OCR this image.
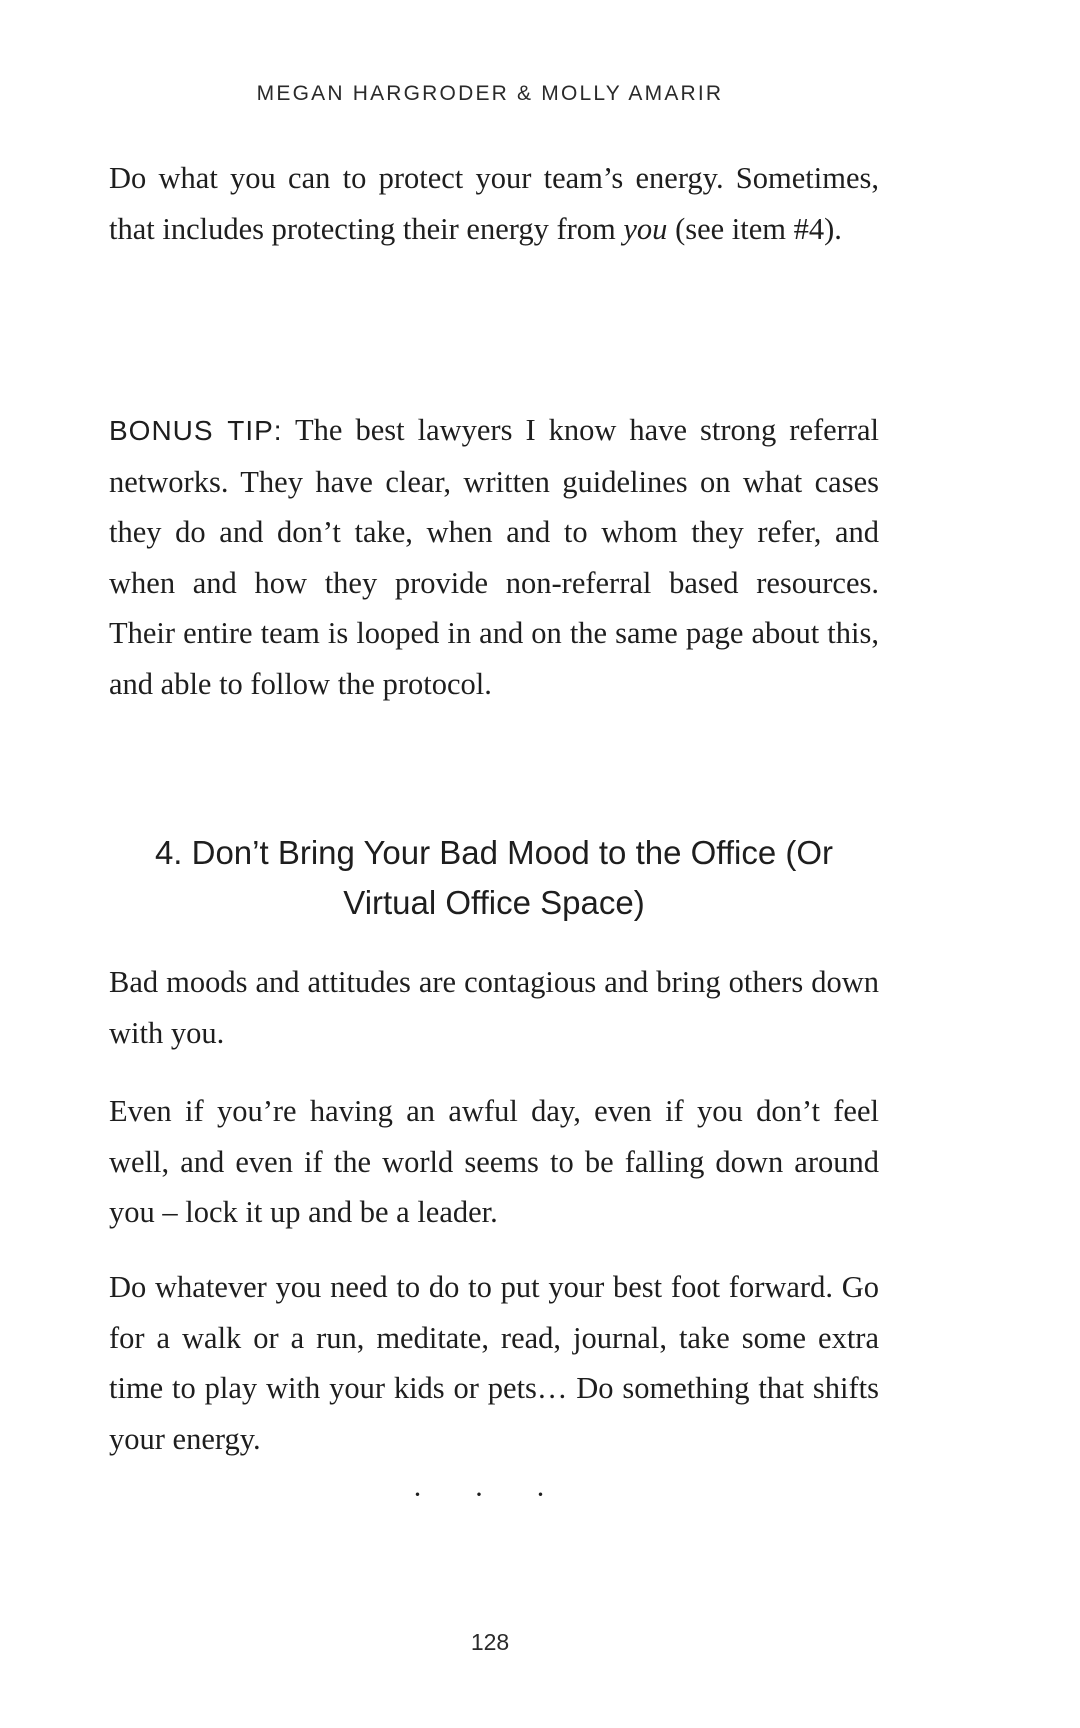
MEGAN HARGRODER & MOLLY AMARIR

Do what you can to protect your team’s energy. Sometimes, that includes protecting their energy from you (see item #4).

BONUS TIP: The best lawyers I know have strong referral networks. They have clear, written guidelines on what cases they do and don’t take, when and to whom they refer, and when and how they provide non-referral based resources. Their entire team is looped in and on the same page about this, and able to follow the protocol.

4. Don’t Bring Your Bad Mood to the Office (Or Virtual Office Space)

Bad moods and attitudes are contagious and bring others down with you.

Even if you’re having an awful day, even if you don’t feel well, and even if the world seems to be falling down around you – lock it up and be a leader.

Do whatever you need to do to put your best foot forward. Go for a walk or a run, meditate, read, journal, take some extra time to play with your kids or pets… Do something that shifts your energy.

· · ·
128
